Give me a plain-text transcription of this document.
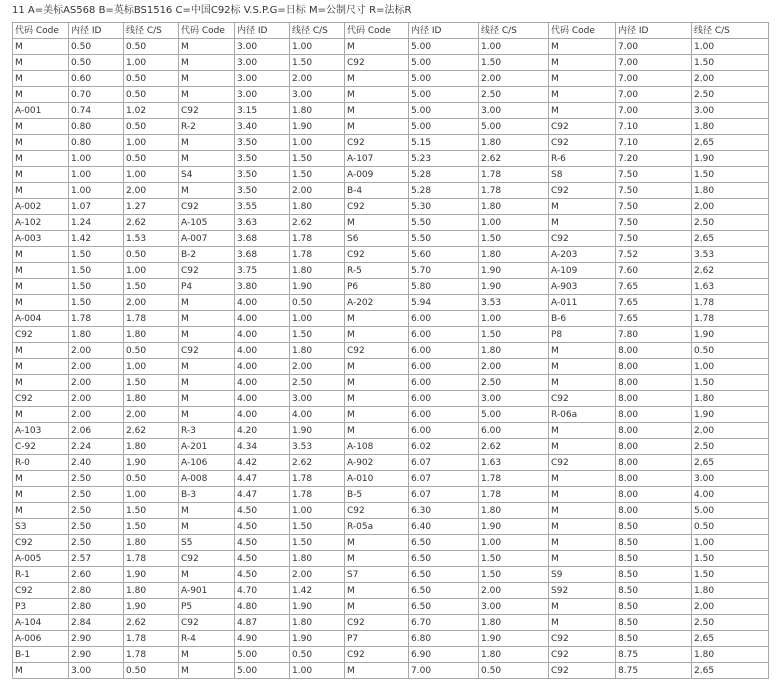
11 A=美标AS568 B=英标BS1516 C=中国C92标 V.S.P.G=日标 M=公制尺寸 R=法标R
代码 Code	内径 ID	线径 C/S	代码 Code	内径 ID	线径 C/S	代码 Code	内径 ID	线径 C/S	代码 Code	内径 ID	线径 C/S
M	0.50	0.50	M	3.00	1.00	M	5.00	1.00	M	7.00	1.00
M	0.50	1.00	M	3.00	1.50	C92	5.00	1.50	M	7.00	1.50
M	0.60	0.50	M	3.00	2.00	M	5.00	2.00	M	7.00	2.00
M	0.70	0.50	M	3.00	3.00	M	5.00	2.50	M	7.00	2.50
A-001	0.74	1.02	C92	3.15	1.80	M	5.00	3.00	M	7.00	3.00
M	0.80	0.50	R-2	3.40	1.90	M	5.00	5.00	C92	7.10	1.80
M	0.80	1.00	M	3.50	1.00	C92	5.15	1.80	C92	7.10	2.65
M	1.00	0.50	M	3.50	1.50	A-107	5.23	2.62	R-6	7.20	1.90
M	1.00	1.00	S4	3.50	1.50	A-009	5.28	1.78	S8	7.50	1.50
M	1.00	2.00	M	3.50	2.00	B-4	5.28	1.78	C92	7.50	1.80
A-002	1.07	1.27	C92	3.55	1.80	C92	5.30	1.80	M	7.50	2.00
A-102	1.24	2.62	A-105	3.63	2.62	M	5.50	1.00	M	7.50	2.50
A-003	1.42	1.53	A-007	3.68	1.78	S6	5.50	1.50	C92	7.50	2.65
M	1.50	0.50	B-2	3.68	1.78	C92	5.60	1.80	A-203	7.52	3.53
M	1.50	1.00	C92	3.75	1.80	R-5	5.70	1.90	A-109	7.60	2.62
M	1.50	1.50	P4	3.80	1.90	P6	5.80	1.90	A-903	7.65	1.63
M	1.50	2.00	M	4.00	0.50	A-202	5.94	3.53	A-011	7.65	1.78
A-004	1.78	1.78	M	4.00	1.00	M	6.00	1.00	B-6	7.65	1.78
C92	1.80	1.80	M	4.00	1.50	M	6.00	1.50	P8	7.80	1.90
M	2.00	0.50	C92	4.00	1.80	C92	6.00	1.80	M	8.00	0.50
M	2.00	1.00	M	4.00	2.00	M	6.00	2.00	M	8.00	1.00
M	2.00	1.50	M	4.00	2.50	M	6.00	2.50	M	8.00	1.50
C92	2.00	1.80	M	4.00	3.00	M	6.00	3.00	C92	8.00	1.80
M	2.00	2.00	M	4.00	4.00	M	6.00	5.00	R-06a	8.00	1.90
A-103	2.06	2.62	R-3	4.20	1.90	M	6.00	6.00	M	8.00	2.00
C-92	2.24	1.80	A-201	4.34	3.53	A-108	6.02	2.62	M	8.00	2.50
R-0	2.40	1.90	A-106	4.42	2.62	A-902	6.07	1.63	C92	8.00	2.65
M	2.50	0.50	A-008	4.47	1.78	A-010	6.07	1.78	M	8.00	3.00
M	2.50	1.00	B-3	4.47	1.78	B-5	6.07	1.78	M	8.00	4.00
M	2.50	1.50	M	4.50	1.00	C92	6.30	1.80	M	8.00	5.00
S3	2.50	1.50	M	4.50	1.50	R-05a	6.40	1.90	M	8.50	0.50
C92	2.50	1.80	S5	4.50	1.50	M	6.50	1.00	M	8.50	1.00
A-005	2.57	1.78	C92	4.50	1.80	M	6.50	1.50	M	8.50	1.50
R-1	2.60	1.90	M	4.50	2.00	S7	6.50	1.50	S9	8.50	1.50
C92	2.80	1.80	A-901	4.70	1.42	M	6.50	2.00	S92	8.50	1.80
P3	2.80	1.90	P5	4.80	1.90	M	6.50	3.00	M	8.50	2.00
A-104	2.84	2.62	C92	4.87	1.80	C92	6.70	1.80	M	8.50	2.50
A-006	2.90	1.78	R-4	4.90	1.90	P7	6.80	1.90	C92	8.50	2.65
B-1	2.90	1.78	M	5.00	0.50	C92	6.90	1.80	C92	8.75	1.80
M	3.00	0.50	M	5.00	1.00	M	7.00	0.50	C92	8.75	2.65
